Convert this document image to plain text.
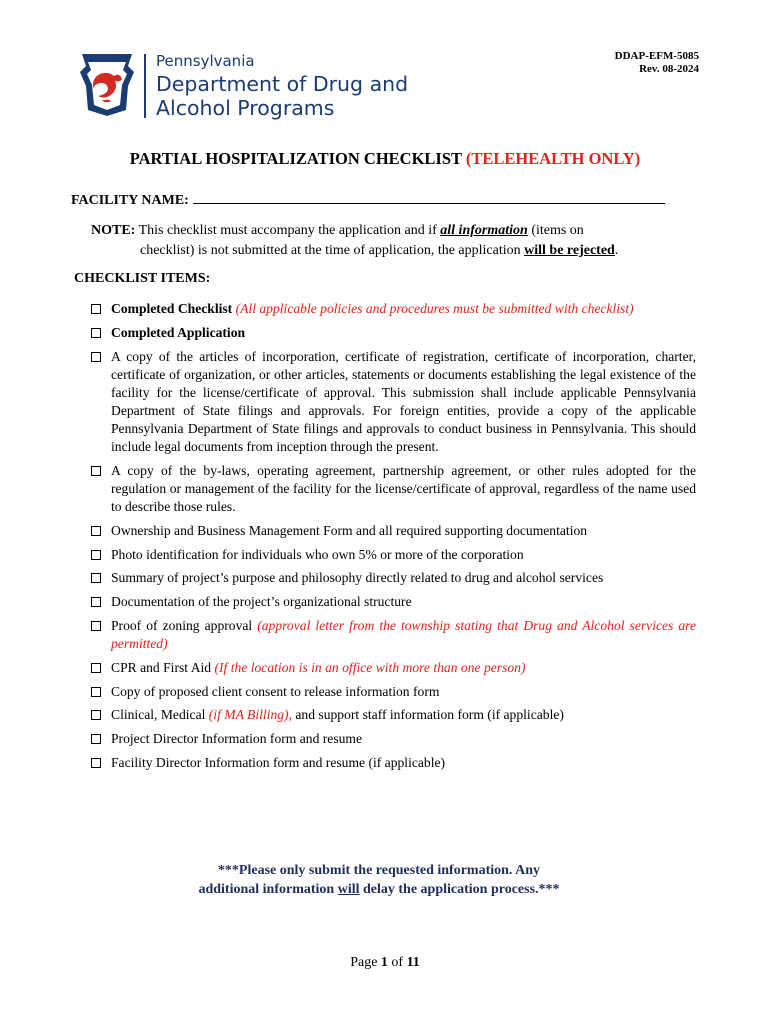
Pennsylvania
Department of Drug and
Alcohol Programs
DDAP-EFM-5085
Rev. 08-2024
PARTIAL HOSPITALIZATION CHECKLIST (TELEHEALTH ONLY)
FACILITY NAME:
NOTE: This checklist must accompany the application and if all information (items on
checklist) is not submitted at the time of application, the application will be rejected.
CHECKLIST ITEMS:
Completed Checklist (All applicable policies and procedures must be submitted with checklist)
Completed Application
A copy of the articles of incorporation, certificate of registration, certificate of incorporation, charter, certificate of organization, or other articles, statements or documents establishing the legal existence of the facility for the license/certificate of approval. This submission shall include applicable Pennsylvania Department of State filings and approvals. For foreign entities, provide a copy of the applicable Pennsylvania Department of State filings and approvals to conduct business in Pennsylvania. This should include legal documents from inception through the present.
A copy of the by-laws, operating agreement, partnership agreement, or other rules adopted for the regulation or management of the facility for the license/certificate of approval, regardless of the name used to describe those rules.
Ownership and Business Management Form and all required supporting documentation
Photo identification for individuals who own 5% or more of the corporation
Summary of project’s purpose and philosophy directly related to drug and alcohol services
Documentation of the project’s organizational structure
Proof of zoning approval (approval letter from the township stating that Drug and Alcohol services are permitted)
CPR and First Aid (If the location is in an office with more than one person)
Copy of proposed client consent to release information form
Clinical, Medical (if MA Billing), and support staff information form (if applicable)
Project Director Information form and resume
Facility Director Information form and resume (if applicable)
***Please only submit the requested information. Any
additional information will delay the application process.***
Page 1 of 11
